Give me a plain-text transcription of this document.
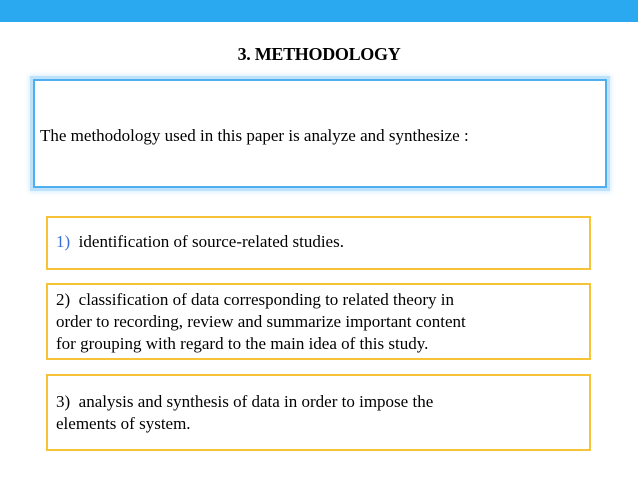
3. METHODOLOGY
The methodology used in this paper is analyze and synthesize :
1) identification of source-related studies.
2) classification of data corresponding to related theory in
order to recording, review and summarize important content
for grouping with regard to the main idea of this study.
3) analysis and synthesis of data in order to impose the
elements of system.
